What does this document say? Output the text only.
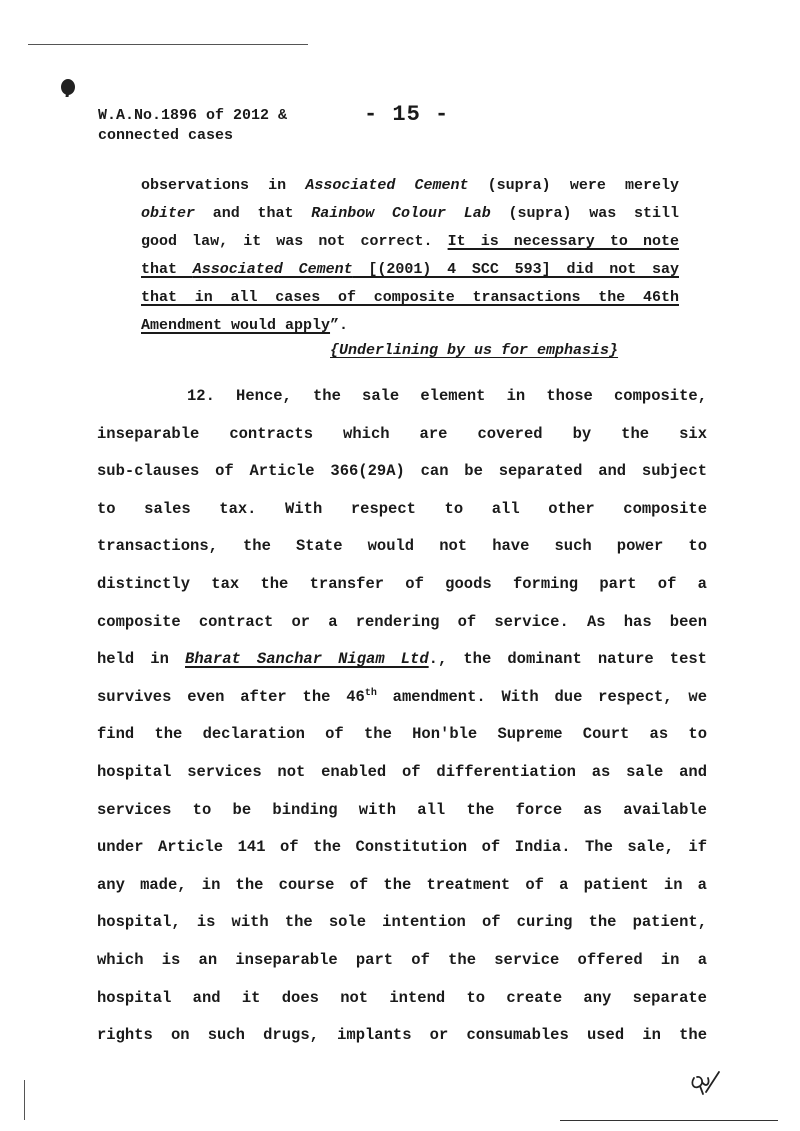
W.A.No.1896 of 2012 &
connected cases
- 15 -
observations in Associated Cement (supra) were merely
obiter and that Rainbow Colour Lab (supra) was still
good law, it was not correct. It is necessary to note
that Associated Cement [(2001) 4 SCC 593] did not say
that in all cases of composite transactions the 46th
Amendment would apply”.
{Underlining by us for emphasis}
12. Hence, the sale element in those composite,
inseparable contracts which are covered by the six
sub-clauses of Article 366(29A) can be separated and subject
to sales tax. With respect to all other composite
transactions, the State would not have such power to
distinctly tax the transfer of goods forming part of a
composite contract or a rendering of service. As has been
held in Bharat Sanchar Nigam Ltd., the dominant nature test
survives even after the 46th amendment. With due respect, we
find the declaration of the Hon'ble Supreme Court as to
hospital services not enabled of differentiation as sale and
services to be binding with all the force as available
under Article 141 of the Constitution of India. The sale, if
any made, in the course of the treatment of a patient in a
hospital, is with the sole intention of curing the patient,
which is an inseparable part of the service offered in a
hospital and it does not intend to create any separate
rights on such drugs, implants or consumables used in the
